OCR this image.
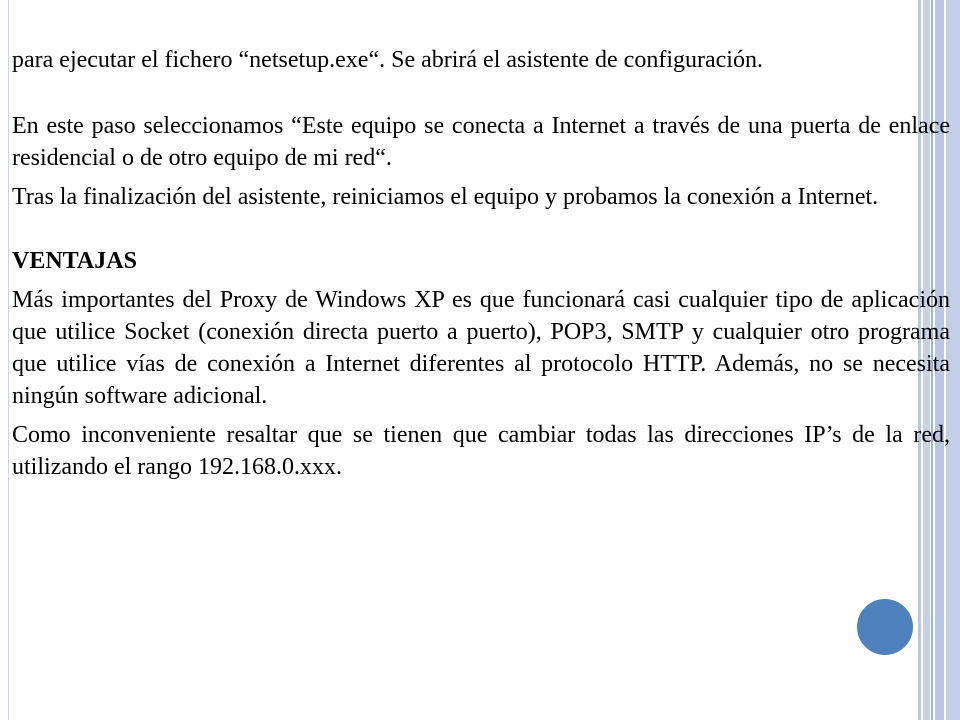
para ejecutar el fichero “netsetup.exe“. Se abrirá el asistente de configuración.

En este paso seleccionamos “Este equipo se conecta a Internet a través de una puerta de enlace residencial o de otro equipo de mi red“.

Tras la finalización del asistente, reiniciamos el equipo y probamos la conexión a Internet.

VENTAJAS

Más importantes del Proxy de Windows XP es que funcionará casi cualquier tipo de aplicación que utilice Socket (conexión directa puerto a puerto), POP3, SMTP y cualquier otro programa que utilice vías de conexión a Internet diferentes al protocolo HTTP. Además, no se necesita ningún software adicional.

Como inconveniente resaltar que se tienen que cambiar todas las direcciones IP’s de la red, utilizando el rango 192.168.0.xxx.
